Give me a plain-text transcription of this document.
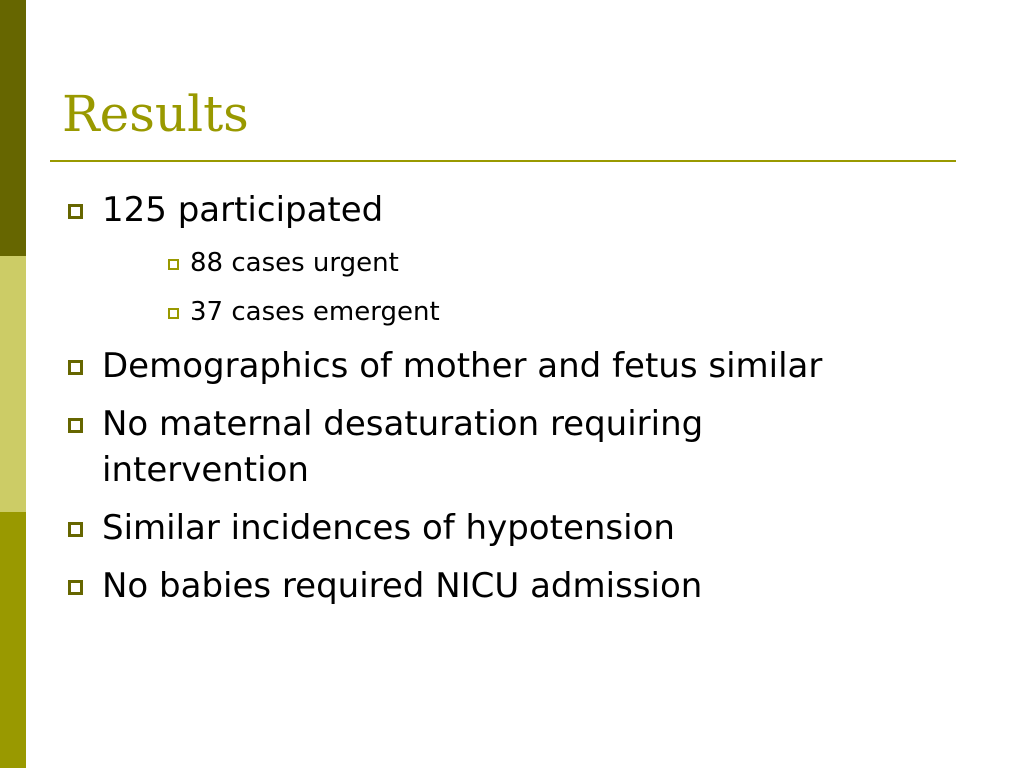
Results
125 participated
88 cases urgent
37 cases emergent
Demographics of mother and fetus similar
No maternal desaturation requiring
intervention
Similar incidences of hypotension
No babies required NICU admission
